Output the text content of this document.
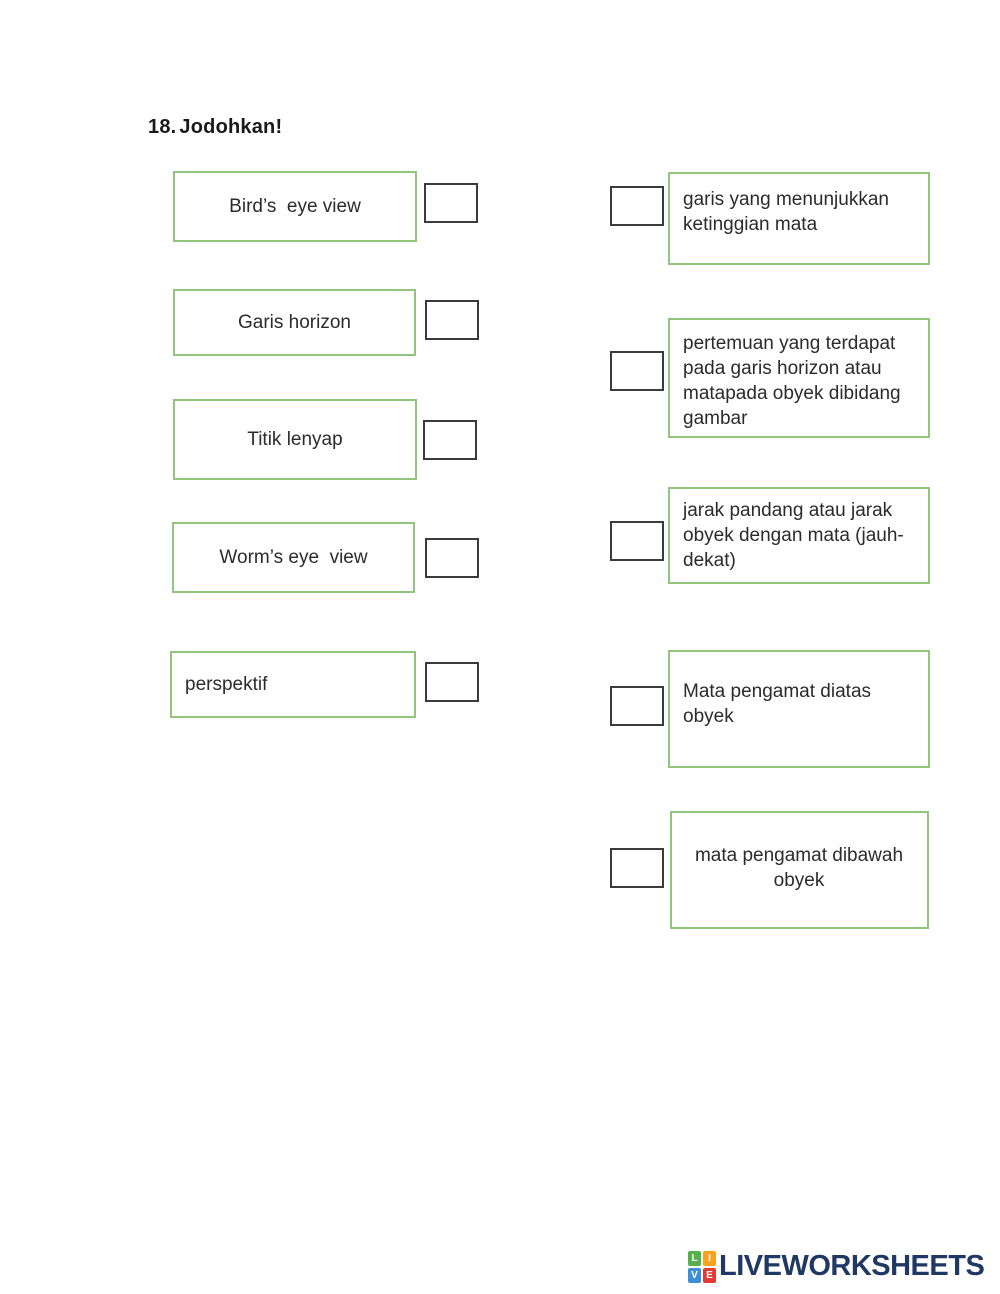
18. Jodohkan!
Bird’s  eye view
Garis horizon
Titik lenyap
Worm’s eye  view
perspektif
garis yang menunjukkan ketinggian mata
pertemuan yang terdapat pada garis horizon atau matapada obyek dibidang gambar
jarak pandang atau jarak obyek dengan mata (jauh-dekat)
Mata pengamat diatas obyek
mata pengamat dibawah obyek
L	I
V E LIVEWORKSHEETS
